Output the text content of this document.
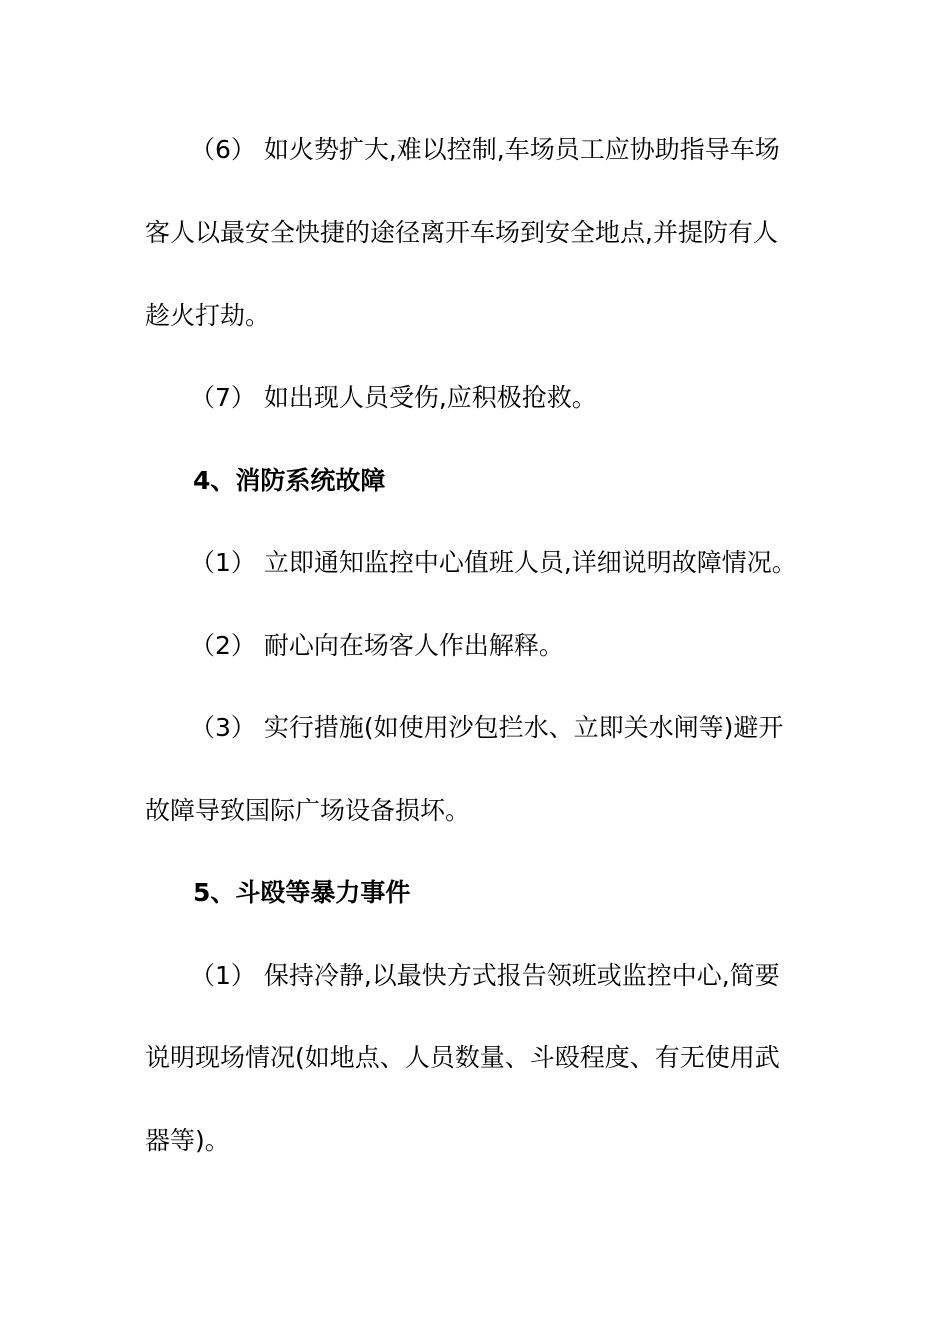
（6） 如火势扩大,难以控制,车场员工应协助指导车场
客人以最安全快捷的途径离开车场到安全地点,并提防有人
趁火打劫。
（7） 如出现人员受伤,应积极抢救。
4、消防系统故障
（1） 立即通知监控中心值班人员,详细说明故障情况。
（2） 耐心向在场客人作出解释。
（3） 实行措施(如使用沙包拦水、立即关水闸等)避开
故障导致国际广场设备损坏。
5、斗殴等暴力事件
（1） 保持冷静,以最快方式报告领班或监控中心,简要
说明现场情况(如地点、人员数量、斗殴程度、有无使用武
器等)。
